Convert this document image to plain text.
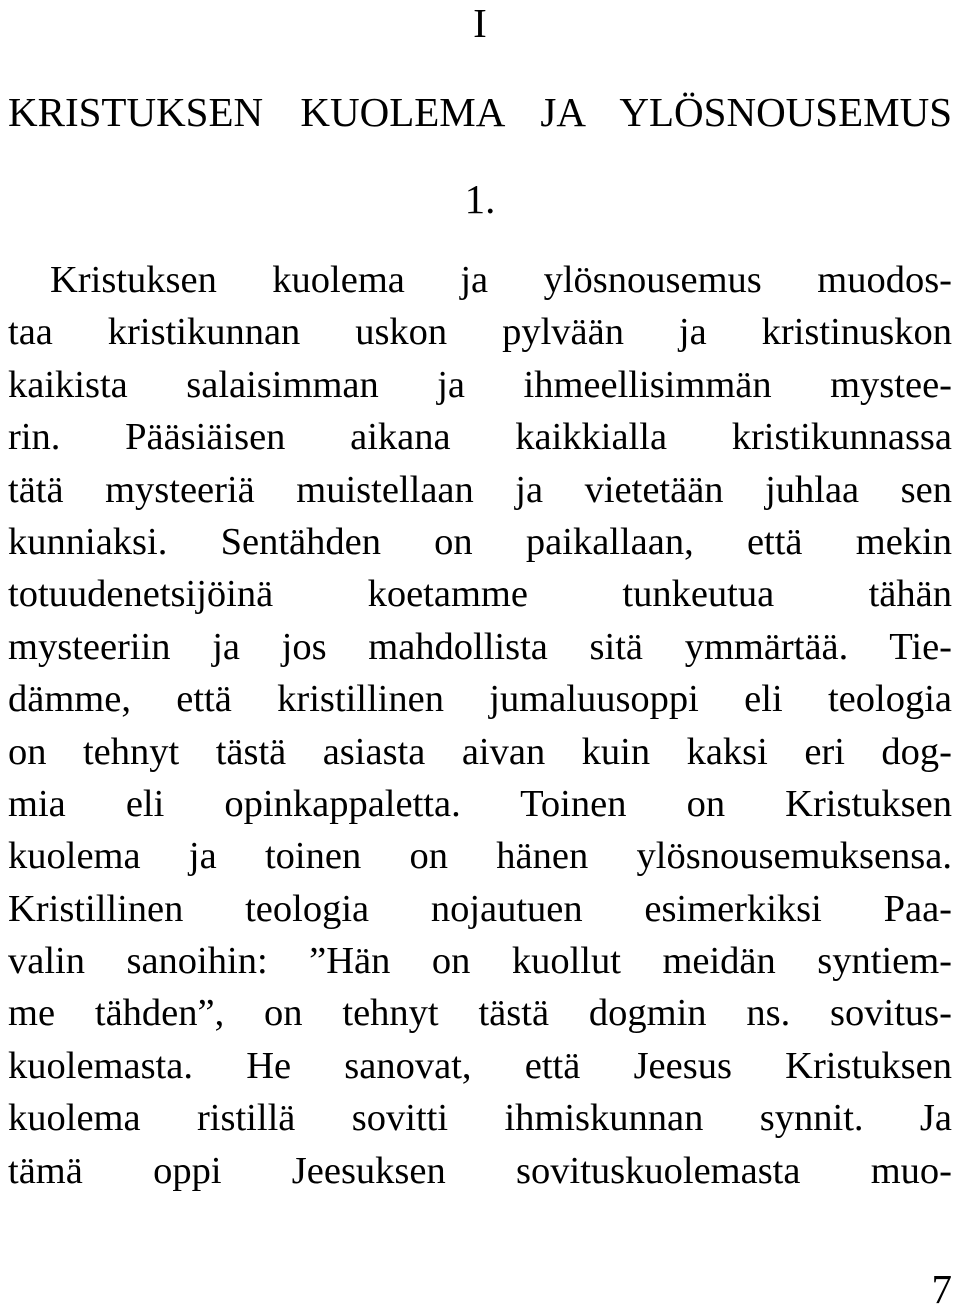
I
KRISTUKSEN KUOLEMA JA YLÖSNOUSEMUS
1.
Kristuksen kuolema ja ylösnousemus muodos-
taa kristikunnan uskon pylvään ja kristinuskon
kaikista salaisimman ja ihmeellisimmän mystee-
rin. Pääsiäisen aikana kaikkialla kristikunnassa
tätä mysteeriä muistellaan ja vietetään juhlaa sen
kunniaksi. Sentähden on paikallaan, että mekin
totuudenetsijöinä koetamme tunkeutua tähän
mysteeriin ja jos mahdollista sitä ymmärtää. Tie-
dämme, että kristillinen jumaluusoppi eli teologia
on tehnyt tästä asiasta aivan kuin kaksi eri dog-
mia eli opinkappaletta. Toinen on Kristuksen
kuolema ja toinen on hänen ylösnousemuksensa.
Kristillinen teologia nojautuen esimerkiksi Paa-
valin sanoihin: ”Hän on kuollut meidän syntiem-
me tähden”, on tehnyt tästä dogmin ns. sovitus-
kuolemasta. He sanovat, että Jeesus Kristuksen
kuolema ristillä sovitti ihmiskunnan synnit. Ja
tämä oppi Jeesuksen sovituskuolemasta muo-
7
